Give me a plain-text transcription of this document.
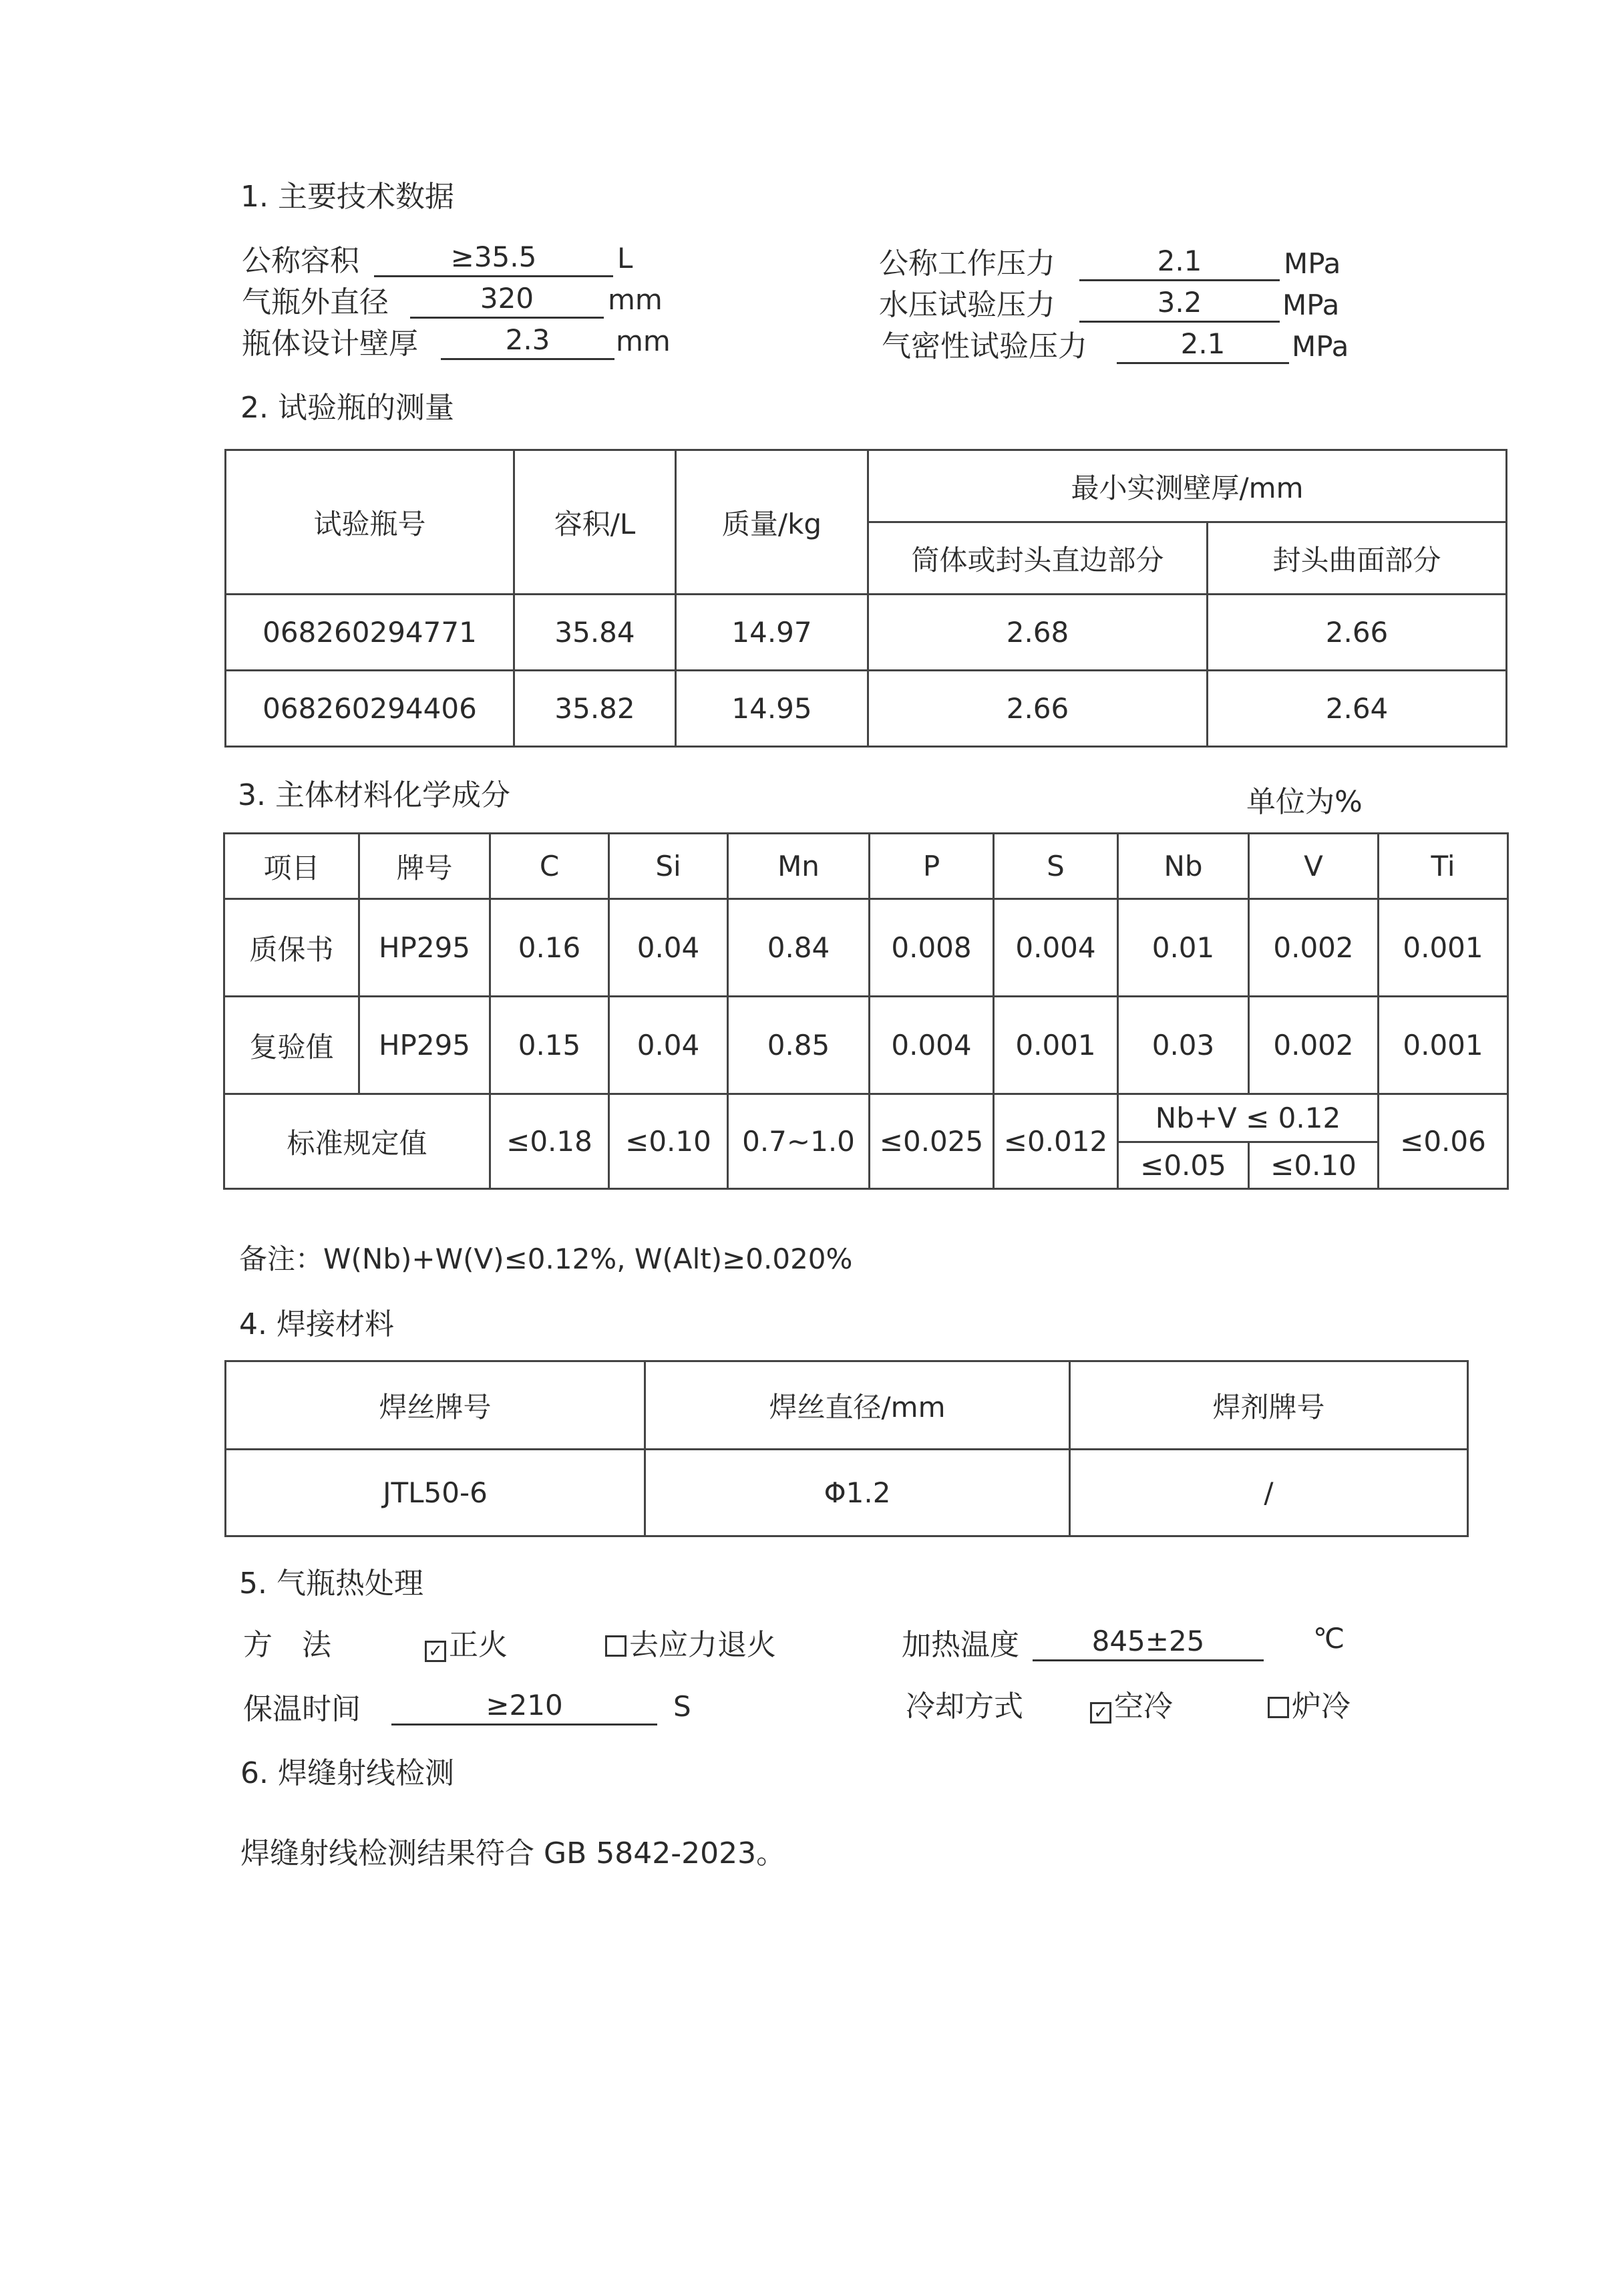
1. 主要技术数据
公称容积	≥35.5	L
气瓶外直径	320	mm
瓶体设计壁厚	2.3	mm
公称工作压力	2.1	MPa
水压试验压力	3.2	MPa
气密性试验压力	2.1	MPa
2. 试验瓶的测量
试验瓶号	容积/L	质量/kg	最小实测壁厚/mm	
			筒体或封头直边部分	封头曲面部分
068260294771	35.84	14.97	2.68	2.66
068260294406	35.82	14.95	2.66	2.64
3. 主体材料化学成分	单位为%
项目	牌号	C	Si	Mn	P	S	Nb	V	Ti
质保书	HP295	0.16	0.04	0.84	0.008	0.004	0.01	0.002	0.001
复验值	HP295	0.15	0.04	0.85	0.004	0.001	0.03	0.002	0.001
标准规定值		≤0.18	≤0.10	0.7~1.0	≤0.025	≤0.012	Nb+V ≤ 0.12		≤0.06
							≤0.05	≤0.10	
备注：W(Nb)+W(V)≤0.12%, W(Alt)≥0.020%
4. 焊接材料
焊丝牌号	焊丝直径/mm	焊剂牌号
JTL50-6	Φ1.2	/
5. 气瓶热处理
方　法	✓ 正火	去应力退火	加热温度	845±25	℃
保温时间	≥210	S	冷却方式	✓ 空冷	炉冷
6. 焊缝射线检测
焊缝射线检测结果符合 GB 5842-2023。
